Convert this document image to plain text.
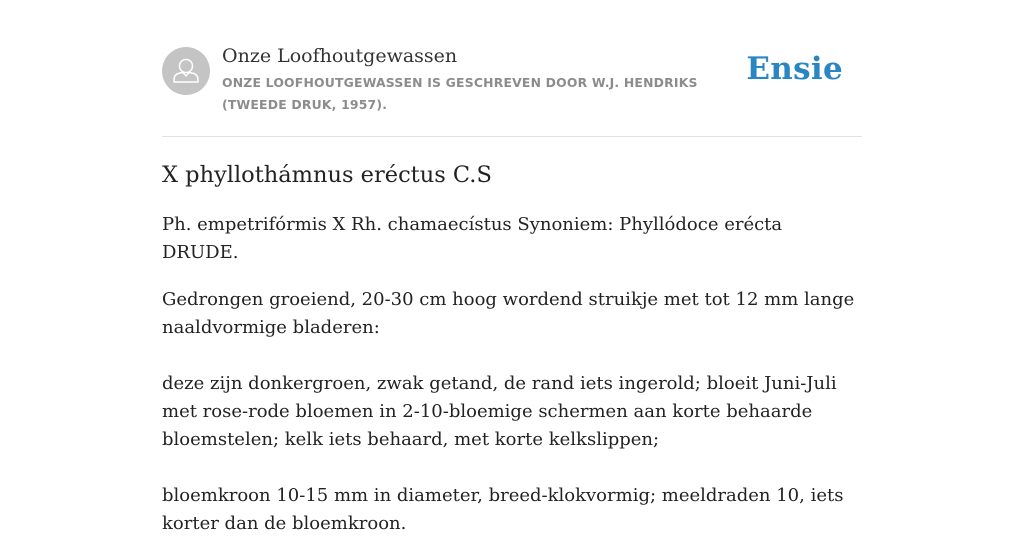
Onze Loofhoutgewassen
ONZE LOOFHOUTGEWASSEN IS GESCHREVEN DOOR W.J. HENDRIKS (TWEEDE DRUK, 1957).
Ensie
X phyllothámnus eréctus C.S

Ph. empetrifórmis X Rh. chamaecístus Synoniem: Phyllódoce erécta DRUDE.

Gedrongen groeiend, 20-30 cm hoog wordend struikje met tot 12 mm lange naaldvormige bladeren:

deze zijn donkergroen, zwak getand, de rand iets ingerold; bloeit Juni-Juli met rose-rode bloemen in 2-10-bloemige schermen aan korte behaarde bloemstelen; kelk iets behaard, met korte kelkslippen;

bloemkroon 10-15 mm in diameter, breed-klokvormig; meeldraden 10, iets korter dan de bloemkroon.
